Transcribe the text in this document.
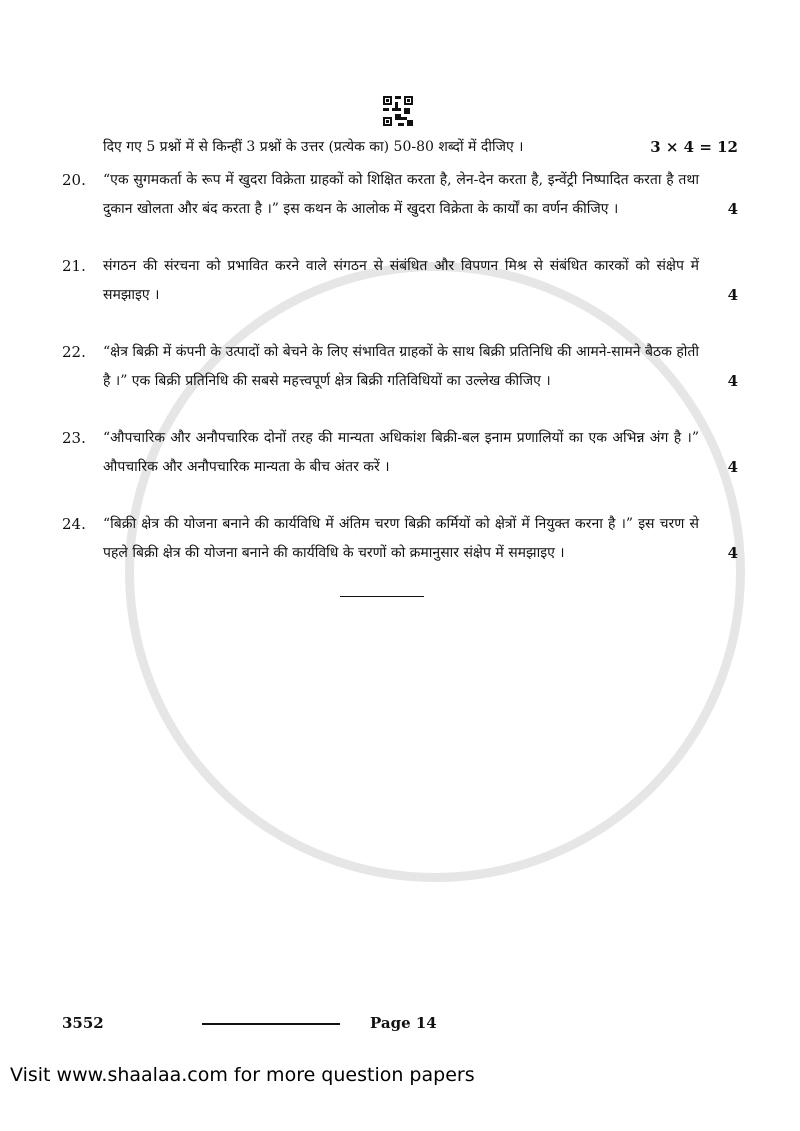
दिए गए 5 प्रश्नों में से किन्हीं 3 प्रश्नों के उत्तर (प्रत्येक का) 50-80 शब्दों में दीजिए ।	3 × 4 = 12
20.	“एक सुगमकर्ता के रूप में खुदरा विक्रेता ग्राहकों को शिक्षित करता है, लेन-देन करता है, इन्वेंट्री निष्पादित करता है तथा दुकान खोलता और बंद करता है ।” इस कथन के आलोक में खुदरा विक्रेता के कार्यों का वर्णन कीजिए ।	4
21.	संगठन की संरचना को प्रभावित करने वाले संगठन से संबंधित और विपणन मिश्र से संबंधित कारकों को संक्षेप में समझाइए ।	4
22.	“क्षेत्र बिक्री में कंपनी के उत्पादों को बेचने के लिए संभावित ग्राहकों के साथ बिक्री प्रतिनिधि की आमने-सामने बैठक होती है ।” एक बिक्री प्रतिनिधि की सबसे महत्त्वपूर्ण क्षेत्र बिक्री गतिविधियों का उल्लेख कीजिए ।	4
23.	“औपचारिक और अनौपचारिक दोनों तरह की मान्यता अधिकांश बिक्री-बल इनाम प्रणालियों का एक अभिन्न अंग है ।” औपचारिक और अनौपचारिक मान्यता के बीच अंतर करें ।	4
24.	“बिक्री क्षेत्र की योजना बनाने की कार्यविधि में अंतिम चरण बिक्री कर्मियों को क्षेत्रों में नियुक्त करना है ।” इस चरण से पहले बिक्री क्षेत्र की योजना बनाने की कार्यविधि के चरणों को क्रमानुसार संक्षेप में समझाइए ।	4
3552	Page 14
Visit www.shaalaa.com for more question papers
